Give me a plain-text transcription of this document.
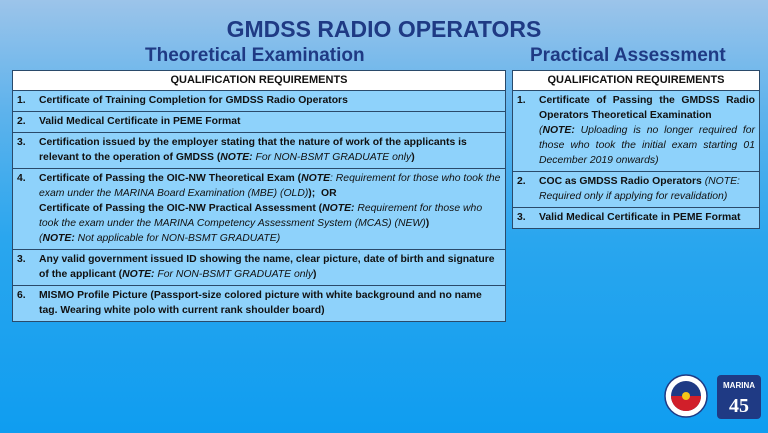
GMDSS RADIO OPERATORS
Theoretical Examination	Practical Assessment
QUALIFICATION REQUIREMENTS
1.	Certificate of Training Completion for GMDSS Radio Operators
2.	Valid Medical Certificate in PEME Format
3.	Certification issued by the employer stating that the nature of work of the applicants is relevant to the operation of GMDSS (NOTE: For NON-BSMT GRADUATE only)
4.	Certificate of Passing the OIC-NW Theoretical Exam (NOTE: Requirement for those who took the exam under the MARINA Board Examination (MBE) (OLD)); OR
Certificate of Passing the OIC-NW Practical Assessment (NOTE: Requirement for those who took the exam under the MARINA Competency Assessment System (MCAS) (NEW))
(NOTE: Not applicable for NON-BSMT GRADUATE)
3.	Any valid government issued ID showing the name, clear picture, date of birth and signature of the applicant (NOTE: For NON-BSMT GRADUATE only)
6.	MISMO Profile Picture (Passport-size colored picture with white background and no name tag. Wearing white polo with current rank shoulder board)
QUALIFICATION REQUIREMENTS
1.	Certificate of Passing the GMDSS Radio Operators Theoretical Examination
(NOTE: Uploading is no longer required for those who took the initial exam starting 01 December 2019 onwards)
2.	COC as GMDSS Radio Operators (NOTE: Required only if applying for revalidation)
3.	Valid Medical Certificate in PEME Format
MARINA
45
